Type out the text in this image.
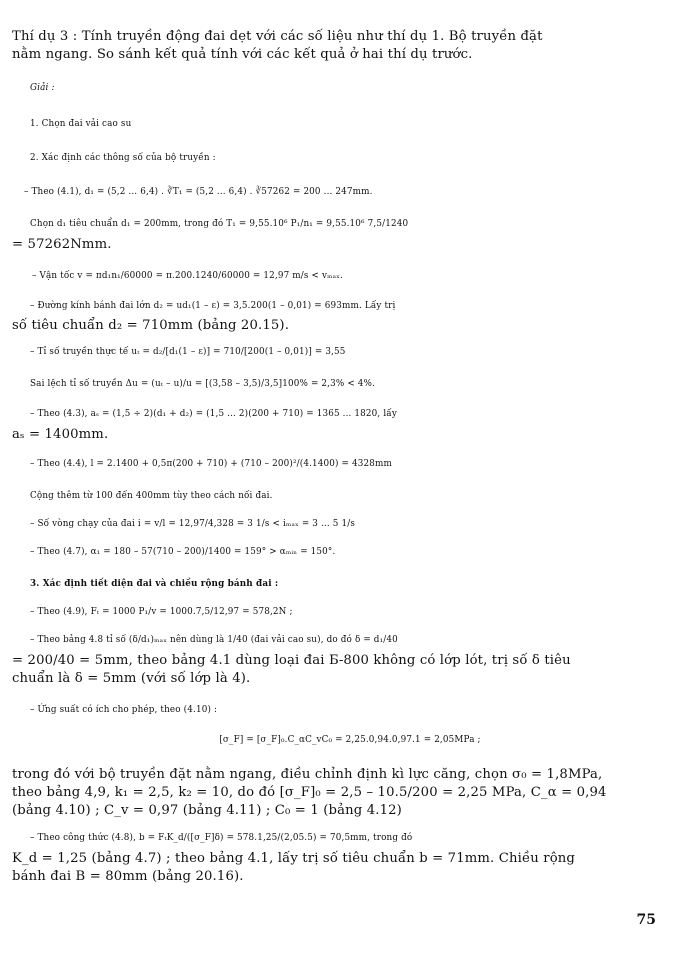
Thí dụ 3 : Tính truyền động đai dẹt với các số liệu như thí dụ 1. Bộ truyền đặt
nằm ngang. So sánh kết quả tính với các kết quả ở hai thí dụ trước.
Giải :
1. Chọn đai vải cao su
2. Xác định các thông số của bộ truyền :
– Theo (4.1), d₁ = (5,2 ... 6,4) . ∛T₁ = (5,2 ... 6,4) . ∛57262 = 200 ... 247mm.
Chọn d₁ tiêu chuẩn d₁ = 200mm, trong đó T₁ = 9,55.10⁶ P₁/n₁ = 9,55.10⁶ 7,5/1240
= 57262Nmm.
– Vận tốc v = πd₁n₁/60000 = π.200.1240/60000 = 12,97 m/s < vₘₐₓ.
– Đường kính bánh đai lớn d₂ = ud₁(1 – ε) = 3,5.200(1 – 0,01) = 693mm. Lấy trị
số tiêu chuẩn d₂ = 710mm (bảng 20.15).
– Tỉ số truyền thực tế uₜ = d₂/[d₁(1 – ε)] = 710/[200(1 – 0,01)] = 3,55
Sai lệch tỉ số truyền Δu = (uₜ – u)/u = [(3,58 – 3,5)/3,5]100% = 2,3% < 4%.
– Theo (4.3), aₛ = (1,5 ÷ 2)(d₁ + d₂) = (1,5 ... 2)(200 + 710) = 1365 ... 1820, lấy
aₛ = 1400mm.
– Theo (4.4), l = 2.1400 + 0,5π(200 + 710) + (710 – 200)²/(4.1400) = 4328mm
Cộng thêm từ 100 đến 400mm tùy theo cách nối đai.
– Số vòng chạy của đai i = v/l = 12,97/4,328 = 3 1/s < iₘₐₓ = 3 ... 5 1/s
– Theo (4.7), α₁ = 180 – 57(710 – 200)/1400 = 159° > αₘᵢₙ = 150°.
3. Xác định tiết diện đai và chiều rộng bánh đai :
– Theo (4.9), Fₜ = 1000 P₁/v = 1000.7,5/12,97 = 578,2N ;
– Theo bảng 4.8 tỉ số (δ/d₁)ₘₐₓ nên dùng là 1/40 (đai vải cao su), do đó δ = d₁/40
= 200/40 = 5mm, theo bảng 4.1 dùng loại đai Б-800 không có lớp lót, trị số δ tiêu
chuẩn là δ = 5mm (với số lớp là 4).
– Ứng suất có ích cho phép, theo (4.10) :
[σ_F] = [σ_F]₀.C_αC_vC₀ = 2,25.0,94.0,97.1 = 2,05MPa ;
trong đó với bộ truyền đặt nằm ngang, điều chỉnh định kì lực căng, chọn σ₀ = 1,8MPa,
theo bảng 4,9, k₁ = 2,5, k₂ = 10, do đó [σ_F]₀ = 2,5 – 10.5/200 = 2,25 MPa, C_α = 0,94
(bảng 4.10) ; C_v = 0,97 (bảng 4.11) ; C₀ = 1 (bảng 4.12)
– Theo công thức (4.8), b = FₜK_d/([σ_F]δ) = 578.1,25/(2,05.5) = 70,5mm, trong đó
K_d = 1,25 (bảng 4.7) ; theo bảng 4.1, lấy trị số tiêu chuẩn b = 71mm. Chiều rộng
bánh đai B = 80mm (bảng 20.16).
75
